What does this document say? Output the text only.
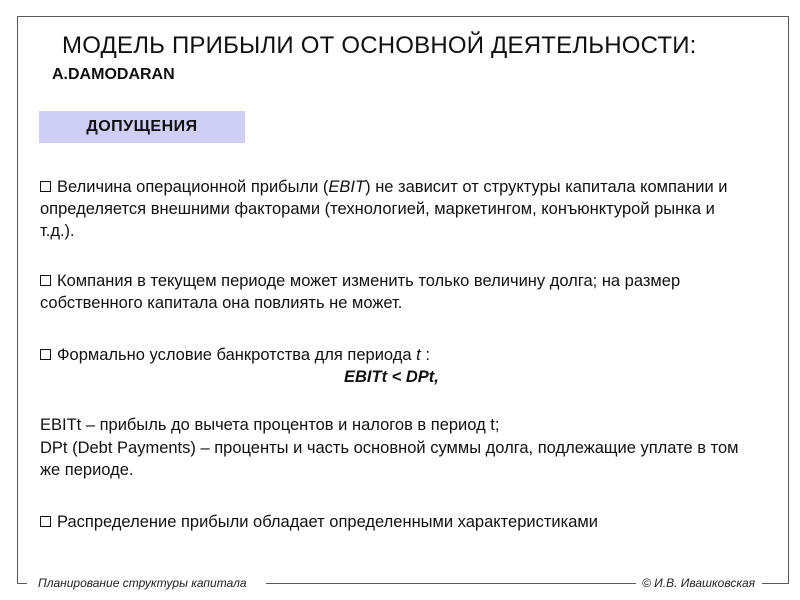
МОДЕЛЬ ПРИБЫЛИ ОТ ОСНОВНОЙ ДЕЯТЕЛЬНОСТИ:
A.DAMODARAN
ДОПУЩЕНИЯ
Величина операционной прибыли (EBIT) не зависит от структуры капитала компании и определяется внешними факторами (технологией, маркетингом, конъюнктурой рынка и т.д.).
Компания в текущем периоде может изменить только величину долга; на размер собственного капитала она повлиять не может.
Формально условие банкротства для периода t :
EBITt < DPt,
EBITt – прибыль до вычета процентов и налогов в период t;
DPt (Debt Payments) – проценты и часть основной суммы долга, подлежащие уплате в том же периоде.
Распределение прибыли обладает определенными характеристиками
Планирование структуры капитала	© И.В. Ивашковская
